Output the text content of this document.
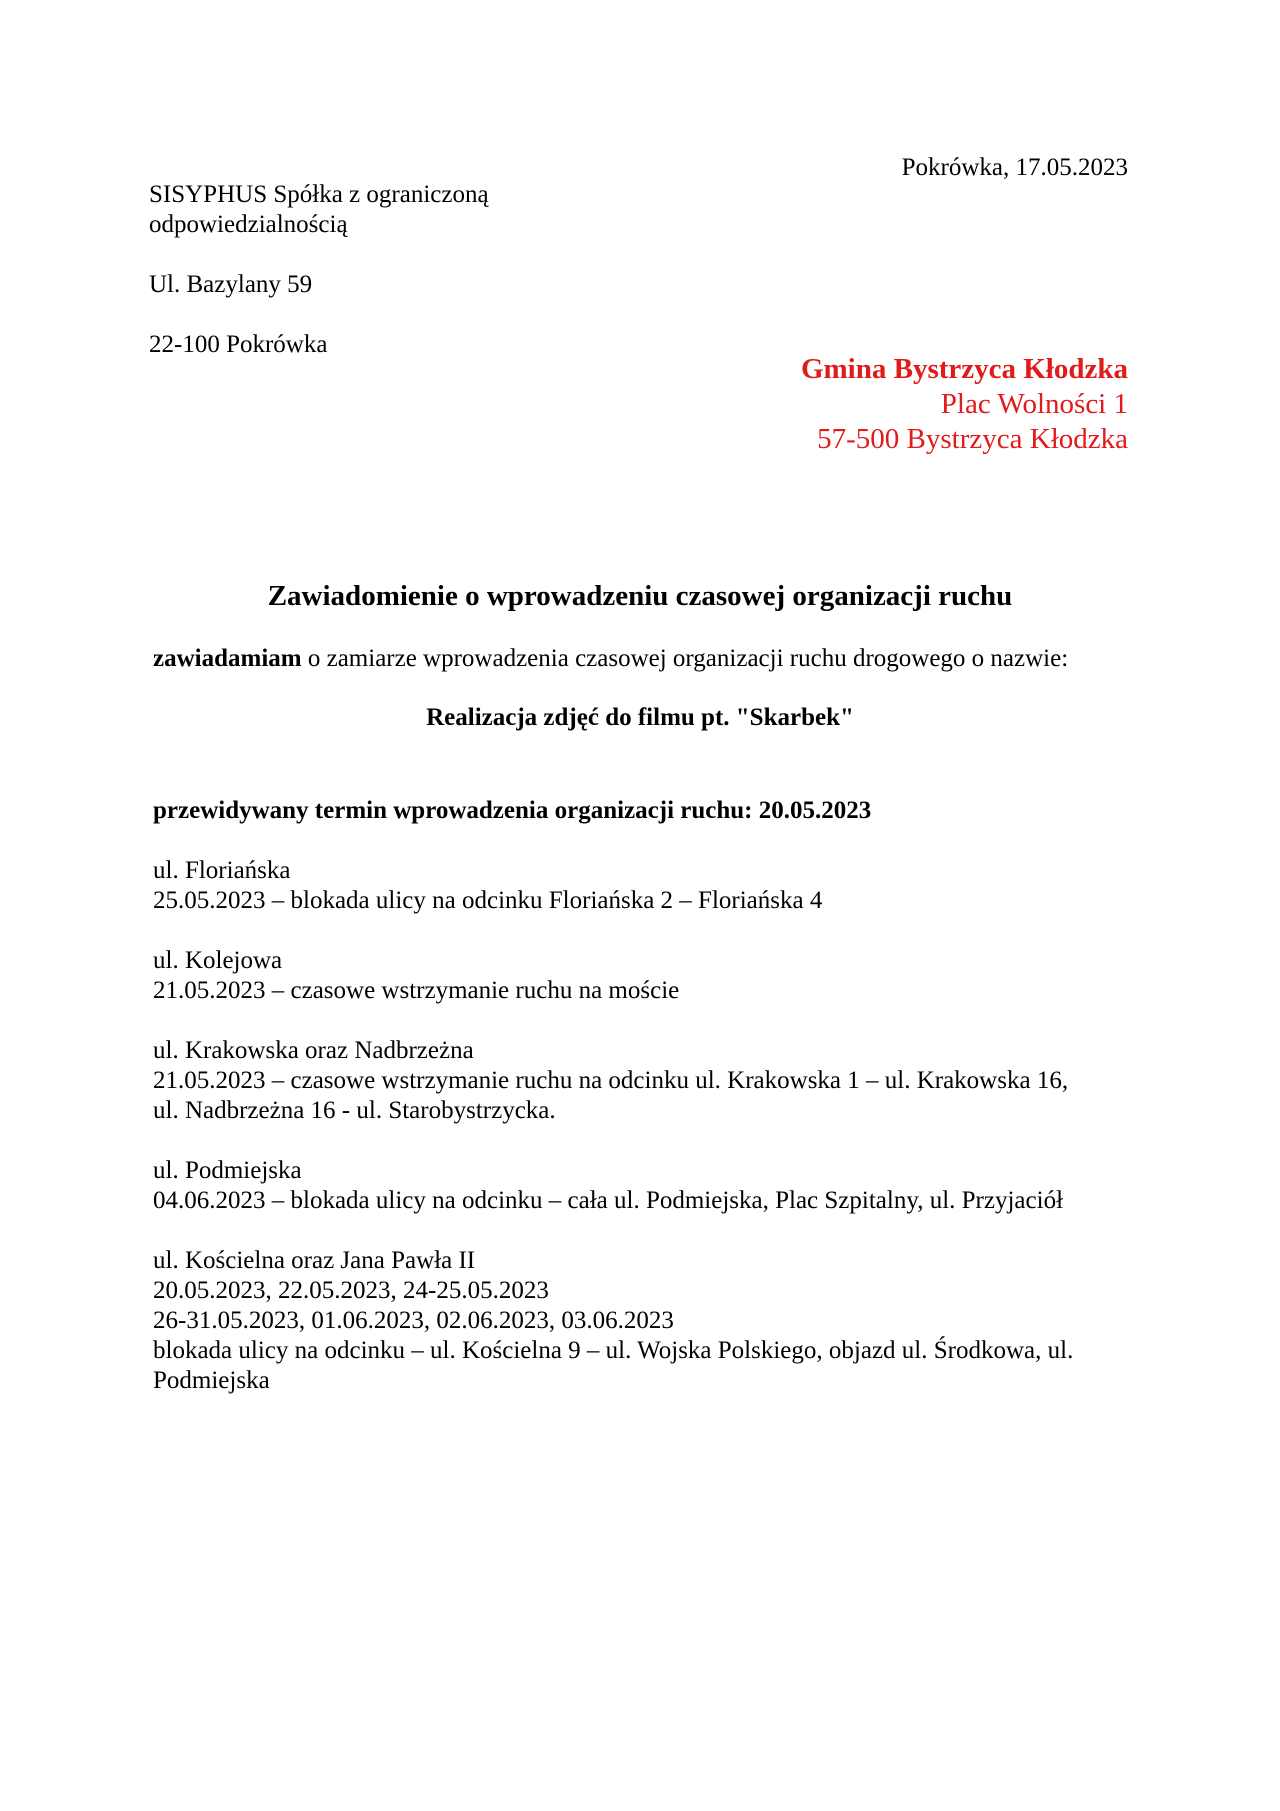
Pokrówka, 17.05.2023
SISYPHUS Spółka z ograniczoną
odpowiedzialnością
Ul. Bazylany 59
22-100 Pokrówka
Gmina Bystrzyca Kłodzka
Plac Wolności 1
57-500 Bystrzyca Kłodzka
Zawiadomienie o wprowadzeniu czasowej organizacji ruchu
zawiadamiam o zamiarze wprowadzenia czasowej organizacji ruchu drogowego o nazwie:
Realizacja zdjęć do filmu pt. "Skarbek"
przewidywany termin wprowadzenia organizacji ruchu: 20.05.2023
ul. Floriańska
25.05.2023 – blokada ulicy na odcinku Floriańska 2 – Floriańska 4
ul. Kolejowa
21.05.2023 – czasowe wstrzymanie ruchu na moście
ul. Krakowska oraz Nadbrzeżna
21.05.2023 – czasowe wstrzymanie ruchu na odcinku ul. Krakowska 1 – ul. Krakowska 16,
ul. Nadbrzeżna 16 - ul. Starobystrzycka.
ul. Podmiejska
04.06.2023 – blokada ulicy na odcinku – cała ul. Podmiejska, Plac Szpitalny, ul. Przyjaciół
ul. Kościelna oraz Jana Pawła II
20.05.2023, 22.05.2023, 24-25.05.2023
26-31.05.2023, 01.06.2023, 02.06.2023, 03.06.2023
blokada ulicy na odcinku – ul. Kościelna 9 – ul. Wojska Polskiego, objazd ul. Środkowa, ul.
Podmiejska
